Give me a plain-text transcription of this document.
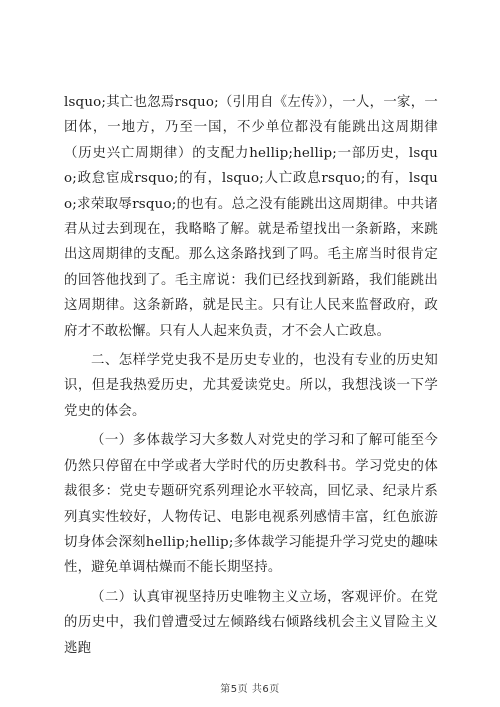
lsquo;其亡也忽焉rsquo;（引用自《左传》），一人，一家，一团体，一地方，乃至一国，不少单位都没有能跳出这周期律（历史兴亡周期律）的支配力hellip;hellip;一部历史，lsquo;政怠宦成rsquo;的有，lsquo;人亡政息rsquo;的有，lsquo;求荣取辱rsquo;的也有。总之没有能跳出这周期律。中共诸君从过去到现在，我略略了解。就是希望找出一条新路，来跳出这周期律的支配。那么这条路找到了吗。毛主席当时很肯定的回答他找到了。毛主席说：我们已经找到新路，我们能跳出这周期律。这条新路，就是民主。只有让人民来监督政府，政府才不敢松懈。只有人人起来负责，才不会人亡政息。

二、怎样学党史我不是历史专业的，也没有专业的历史知识，但是我热爱历史，尤其爱读党史。所以，我想浅谈一下学党史的体会。

（一）多体裁学习大多数人对党史的学习和了解可能至今仍然只停留在中学或者大学时代的历史教科书。学习党史的体裁很多：党史专题研究系列理论水平较高，回忆录、纪录片系列真实性较好，人物传记、电影电视系列感情丰富，红色旅游切身体会深刻hellip;hellip;多体裁学习能提升学习党史的趣味性，避免单调枯燥而不能长期坚持。

（二）认真审视坚持历史唯物主义立场，客观评价。在党的历史中，我们曾遭受过左倾路线右倾路线机会主义冒险主义逃跑

第5页 共6页
